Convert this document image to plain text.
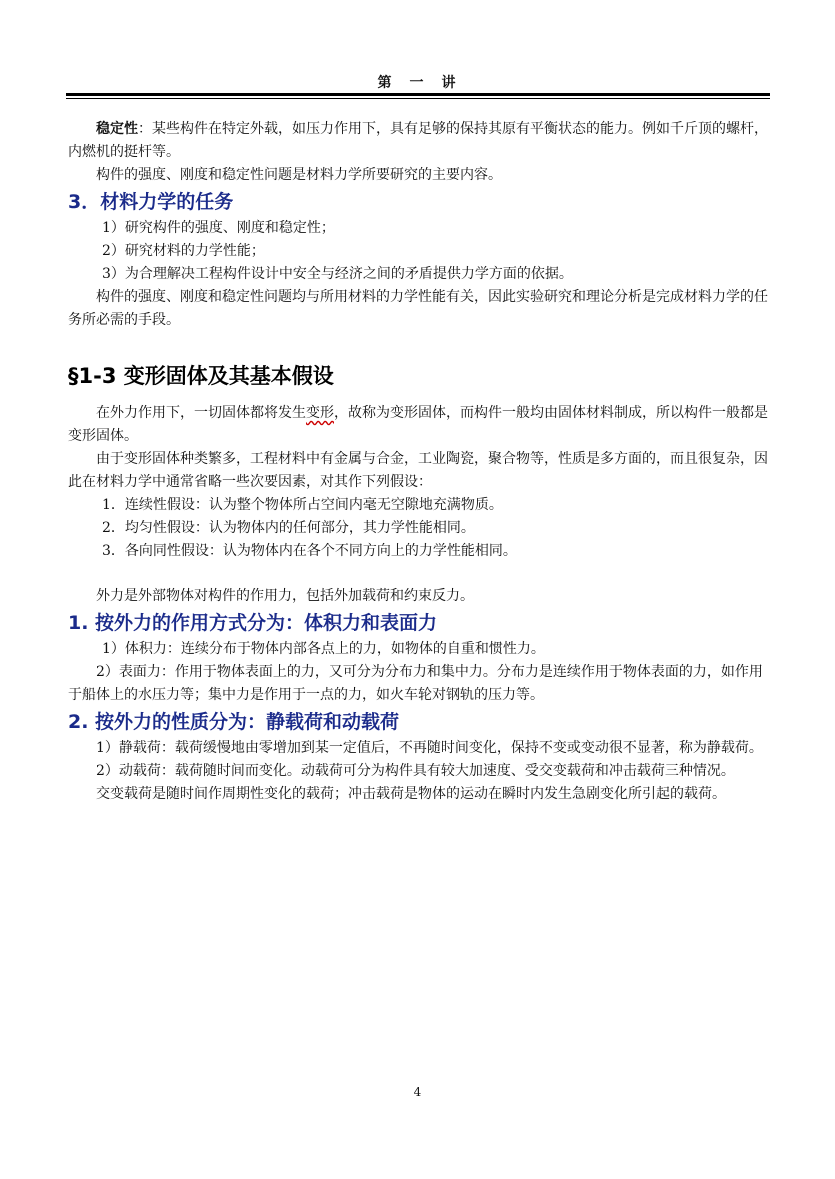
第　一　讲

稳定性：某些构件在特定外载，如压力作用下，具有足够的保持其原有平衡状态的能力。例如千斤顶的螺杆，内燃机的挺杆等。

构件的强度、刚度和稳定性问题是材料力学所要研究的主要内容。

3．材料力学的任务

1）研究构件的强度、刚度和稳定性；

2）研究材料的力学性能；

3）为合理解决工程构件设计中安全与经济之间的矛盾提供力学方面的依据。

构件的强度、刚度和稳定性问题均与所用材料的力学性能有关，因此实验研究和理论分析是完成材料力学的任务所必需的手段。

§1-3 变形固体及其基本假设

在外力作用下，一切固体都将发生变形，故称为变形固体，而构件一般均由固体材料制成，所以构件一般都是变形固体。

由于变形固体种类繁多，工程材料中有金属与合金，工业陶瓷，聚合物等，性质是多方面的，而且很复杂，因此在材料力学中通常省略一些次要因素，对其作下列假设：

1．连续性假设：认为整个物体所占空间内毫无空隙地充满物质。

2．均匀性假设：认为物体内的任何部分，其力学性能相同。

3．各向同性假设：认为物体内在各个不同方向上的力学性能相同。

外力是外部物体对构件的作用力，包括外加载荷和约束反力。

1. 按外力的作用方式分为：体积力和表面力

1）体积力：连续分布于物体内部各点上的力，如物体的自重和惯性力。

2）表面力：作用于物体表面上的力，又可分为分布力和集中力。分布力是连续作用于物体表面的力，如作用于船体上的水压力等；集中力是作用于一点的力，如火车轮对钢轨的压力等。

2. 按外力的性质分为：静载荷和动载荷

1）静载荷：载荷缓慢地由零增加到某一定值后，不再随时间变化，保持不变或变动很不显著，称为静载荷。

2）动载荷：载荷随时间而变化。动载荷可分为构件具有较大加速度、受交变载荷和冲击载荷三种情况。

交变载荷是随时间作周期性变化的载荷；冲击载荷是物体的运动在瞬时内发生急剧变化所引起的载荷。

4
